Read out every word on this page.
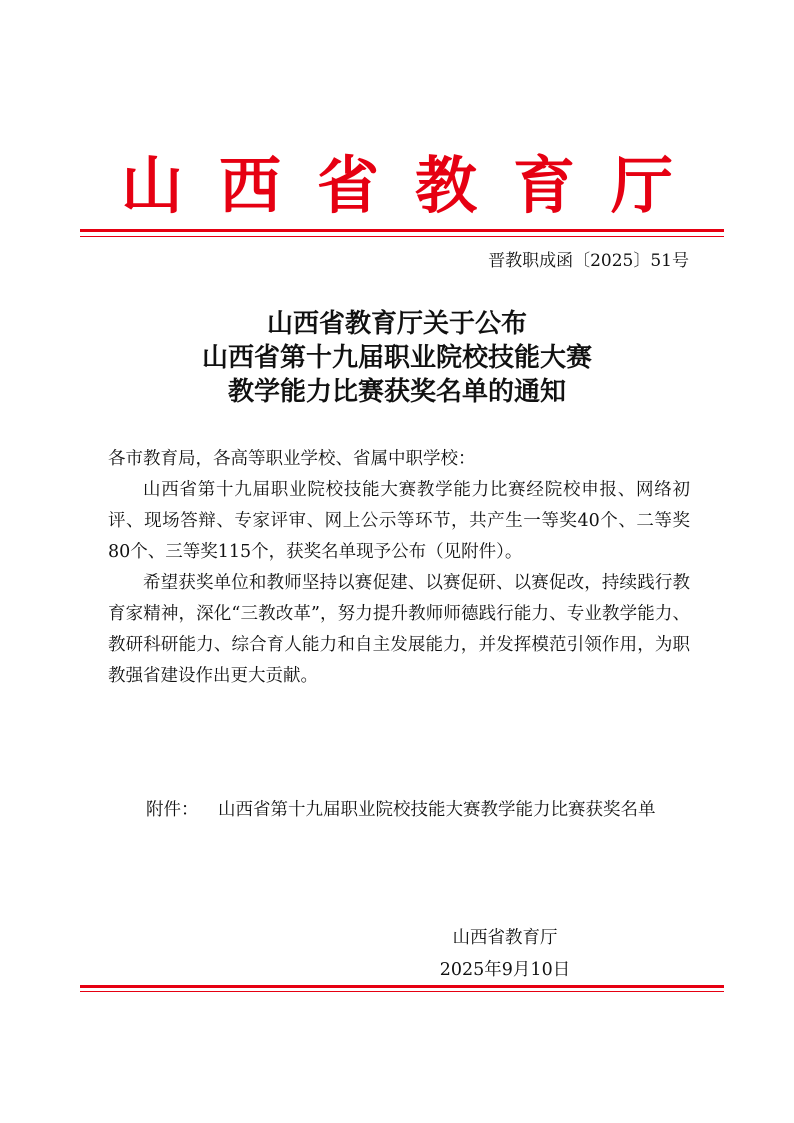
山西省教育厅
晋教职成函〔2025〕51号
山西省教育厅关于公布
山西省第十九届职业院校技能大赛
教学能力比赛获奖名单的通知

各市教育局，各高等职业学校、省属中职学校：

山西省第十九届职业院校技能大赛教学能力比赛经院校申报、网络初评、现场答辩、专家评审、网上公示等环节，共产生一等奖40个、二等奖80个、三等奖115个，获奖名单现予公布（见附件）。

希望获奖单位和教师坚持以赛促建、以赛促研、以赛促改，持续践行教育家精神，深化“三教改革”，努力提升教师师德践行能力、专业教学能力、教研科研能力、综合育人能力和自主发展能力，并发挥模范引领作用，为职教强省建设作出更大贡献。

附件：	山西省第十九届职业院校技能大赛教学能力比赛获奖名单
山西省教育厅
2025年9月10日
